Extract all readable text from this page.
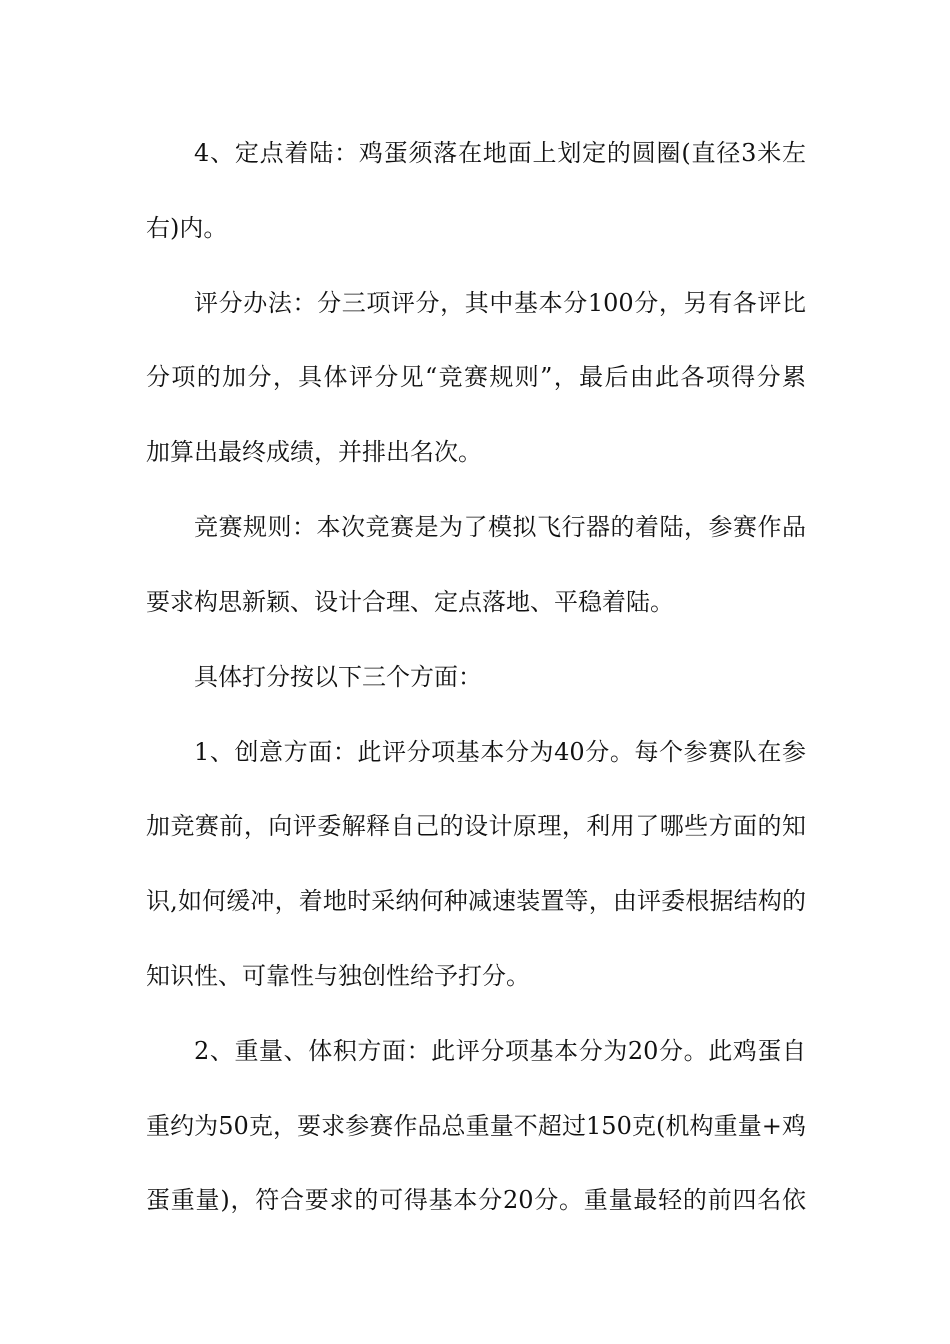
4、定点着陆：鸡蛋须落在地面上划定的圆圈(直径3米左

右)内。

评分办法：分三项评分，其中基本分100分，另有各评比

分项的加分，具体评分见“竞赛规则”，最后由此各项得分累

加算出最终成绩，并排出名次。

竞赛规则：本次竞赛是为了模拟飞行器的着陆，参赛作品

要求构思新颖、设计合理、定点落地、平稳着陆。

具体打分按以下三个方面：

1、创意方面：此评分项基本分为40分。每个参赛队在参

加竞赛前，向评委解释自己的设计原理，利用了哪些方面的知

识,如何缓冲，着地时采纳何种减速装置等，由评委根据结构的

知识性、可靠性与独创性给予打分。

2、重量、体积方面：此评分项基本分为20分。此鸡蛋自

重约为50克，要求参赛作品总重量不超过150克(机构重量+鸡

蛋重量)，符合要求的可得基本分20分。重量最轻的前四名依
